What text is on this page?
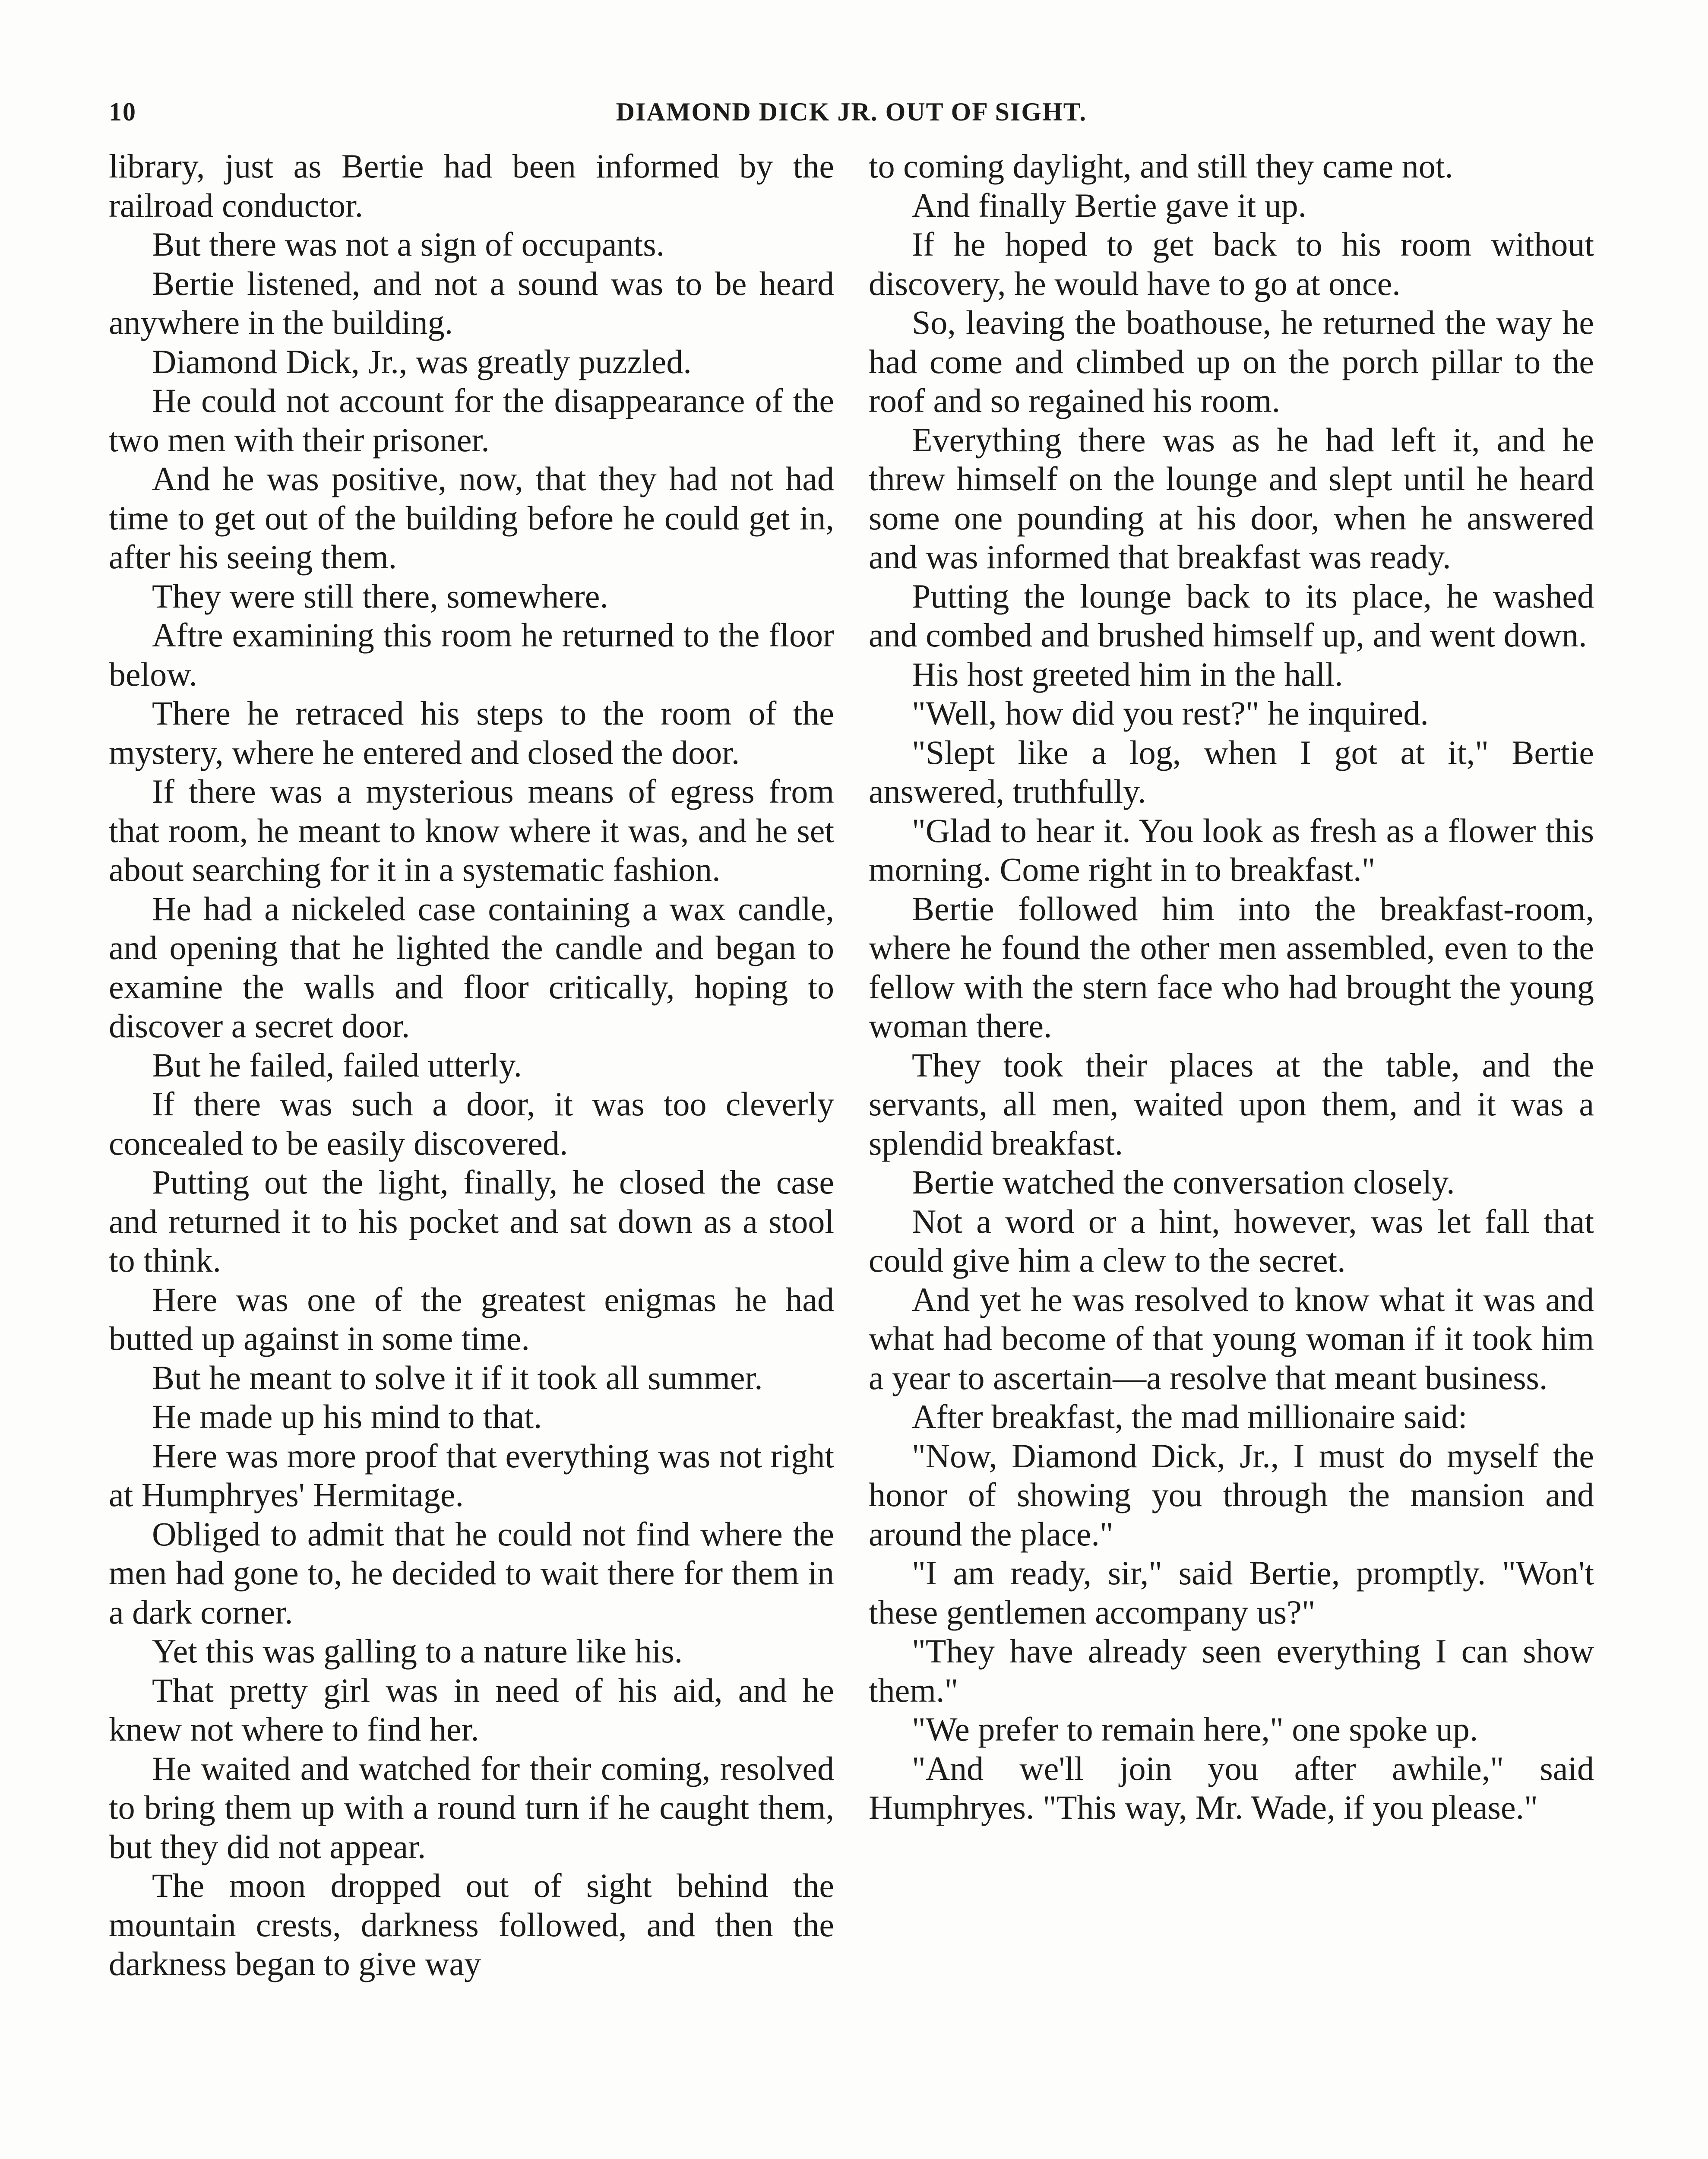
10	DIAMOND DICK JR. OUT OF SIGHT.

library, just as Bertie had been informed by the railroad conductor.

But there was not a sign of occupants.

Bertie listened, and not a sound was to be heard anywhere in the building.

Diamond Dick, Jr., was greatly puzzled.

He could not account for the disappearance of the two men with their prisoner.

And he was positive, now, that they had not had time to get out of the building before he could get in, after his seeing them.

They were still there, somewhere.

Aftre examining this room he returned to the floor below.

There he retraced his steps to the room of the mystery, where he entered and closed the door.

If there was a mysterious means of egress from that room, he meant to know where it was, and he set about searching for it in a systematic fashion.

He had a nickeled case containing a wax candle, and opening that he lighted the candle and began to examine the walls and floor critically, hoping to discover a secret door.

But he failed, failed utterly.

If there was such a door, it was too cleverly concealed to be easily discovered.

Putting out the light, finally, he closed the case and returned it to his pocket and sat down as a stool to think.

Here was one of the greatest enigmas he had butted up against in some time.

But he meant to solve it if it took all summer.

He made up his mind to that.

Here was more proof that everything was not right at Humphryes' Hermitage.

Obliged to admit that he could not find where the men had gone to, he decided to wait there for them in a dark corner.

Yet this was galling to a nature like his.

That pretty girl was in need of his aid, and he knew not where to find her.

He waited and watched for their coming, resolved to bring them up with a round turn if he caught them, but they did not appear.

The moon dropped out of sight behind the mountain crests, darkness followed, and then the darkness began to give way

to coming daylight, and still they came not.

And finally Bertie gave it up.

If he hoped to get back to his room without discovery, he would have to go at once.

So, leaving the boathouse, he returned the way he had come and climbed up on the porch pillar to the roof and so regained his room.

Everything there was as he had left it, and he threw himself on the lounge and slept until he heard some one pounding at his door, when he answered and was informed that breakfast was ready.

Putting the lounge back to its place, he washed and combed and brushed himself up, and went down.

His host greeted him in the hall.

"Well, how did you rest?" he inquired.

"Slept like a log, when I got at it," Bertie answered, truthfully.

"Glad to hear it. You look as fresh as a flower this morning. Come right in to breakfast."

Bertie followed him into the breakfast-room, where he found the other men assembled, even to the fellow with the stern face who had brought the young woman there.

They took their places at the table, and the servants, all men, waited upon them, and it was a splendid breakfast.

Bertie watched the conversation closely.

Not a word or a hint, however, was let fall that could give him a clew to the secret.

And yet he was resolved to know what it was and what had become of that young woman if it took him a year to ascertain—a resolve that meant business.

After breakfast, the mad millionaire said:

"Now, Diamond Dick, Jr., I must do myself the honor of showing you through the mansion and around the place."

"I am ready, sir," said Bertie, promptly. "Won't these gentlemen accompany us?"

"They have already seen everything I can show them."

"We prefer to remain here," one spoke up.

"And we'll join you after awhile," said Humphryes. "This way, Mr. Wade, if you please."
